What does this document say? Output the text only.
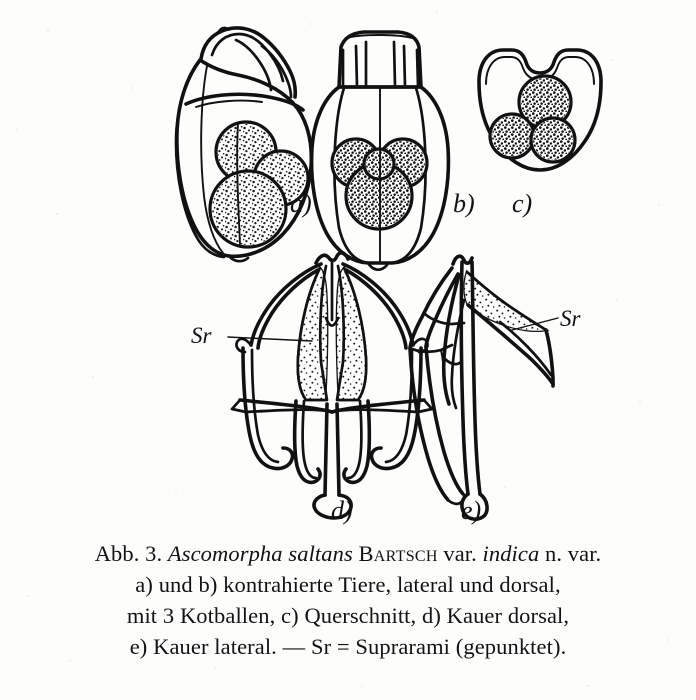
a)	b) c)
d)
Sr
e)
Sr
Abb. 3. Ascomorpha saltans Bartsch var. indica n. var.
a) und b) kontrahierte Tiere, lateral und dorsal,
mit 3 Kotballen, c) Querschnitt, d) Kauer dorsal,
e) Kauer lateral. — Sr = Suprarami (gepunktet).
